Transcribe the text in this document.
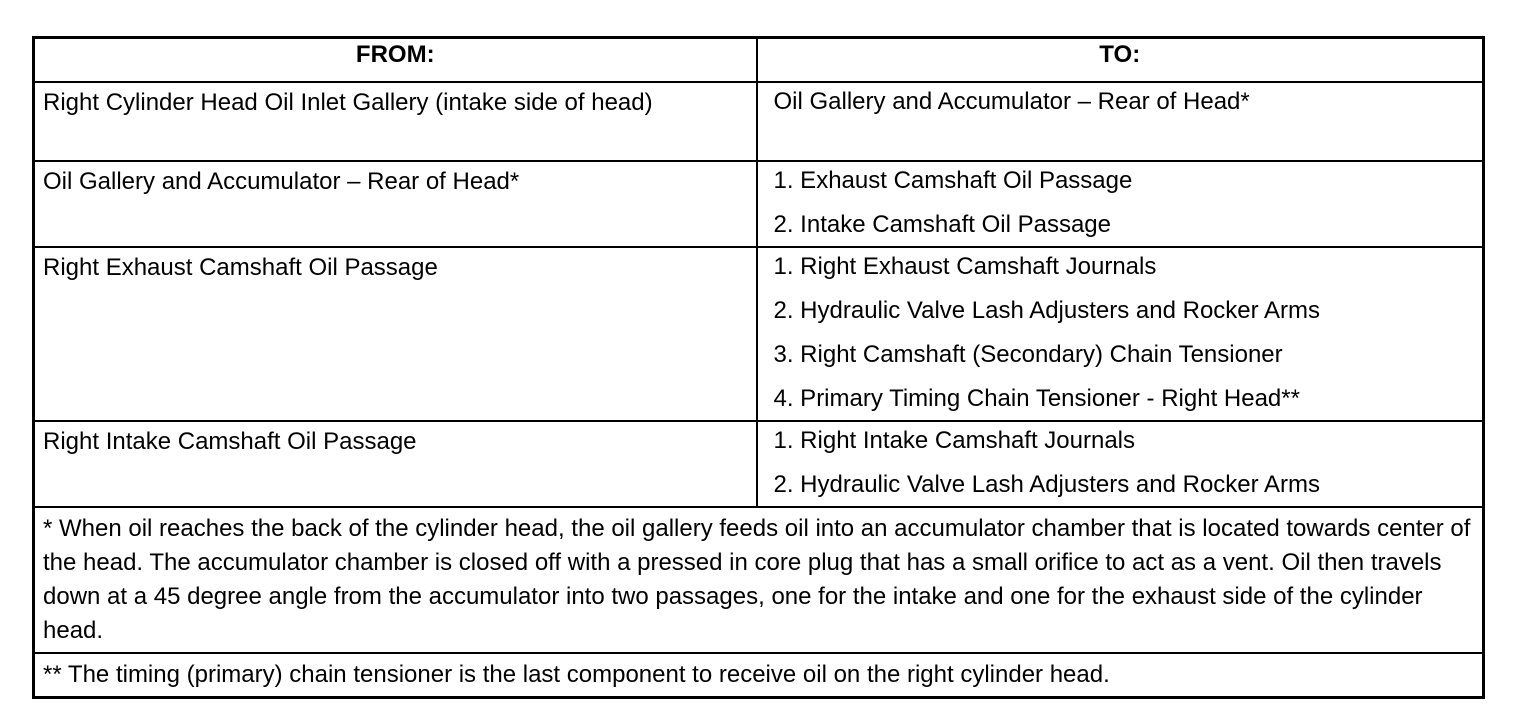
FROM:	TO:
Right Cylinder Head Oil Inlet Gallery (intake side of head)	Oil Gallery and Accumulator – Rear of Head*

Oil Gallery and Accumulator – Rear of Head*	1. Exhaust Camshaft Oil Passage
2. Intake Camshaft Oil Passage

Right Exhaust Camshaft Oil Passage	1. Right Exhaust Camshaft Journals
2. Hydraulic Valve Lash Adjusters and Rocker Arms
3. Right Camshaft (Secondary) Chain Tensioner
4. Primary Timing Chain Tensioner - Right Head**

Right Intake Camshaft Oil Passage	1. Right Intake Camshaft Journals
2. Hydraulic Valve Lash Adjusters and Rocker Arms

* When oil reaches the back of the cylinder head, the oil gallery feeds oil into an accumulator chamber that is located towards center of the head. The accumulator chamber is closed off with a pressed in core plug that has a small orifice to act as a vent. Oil then travels down at a 45 degree angle from the accumulator into two passages, one for the intake and one for the exhaust side of the cylinder head.	
** The timing (primary) chain tensioner is the last component to receive oil on the right cylinder head.	
